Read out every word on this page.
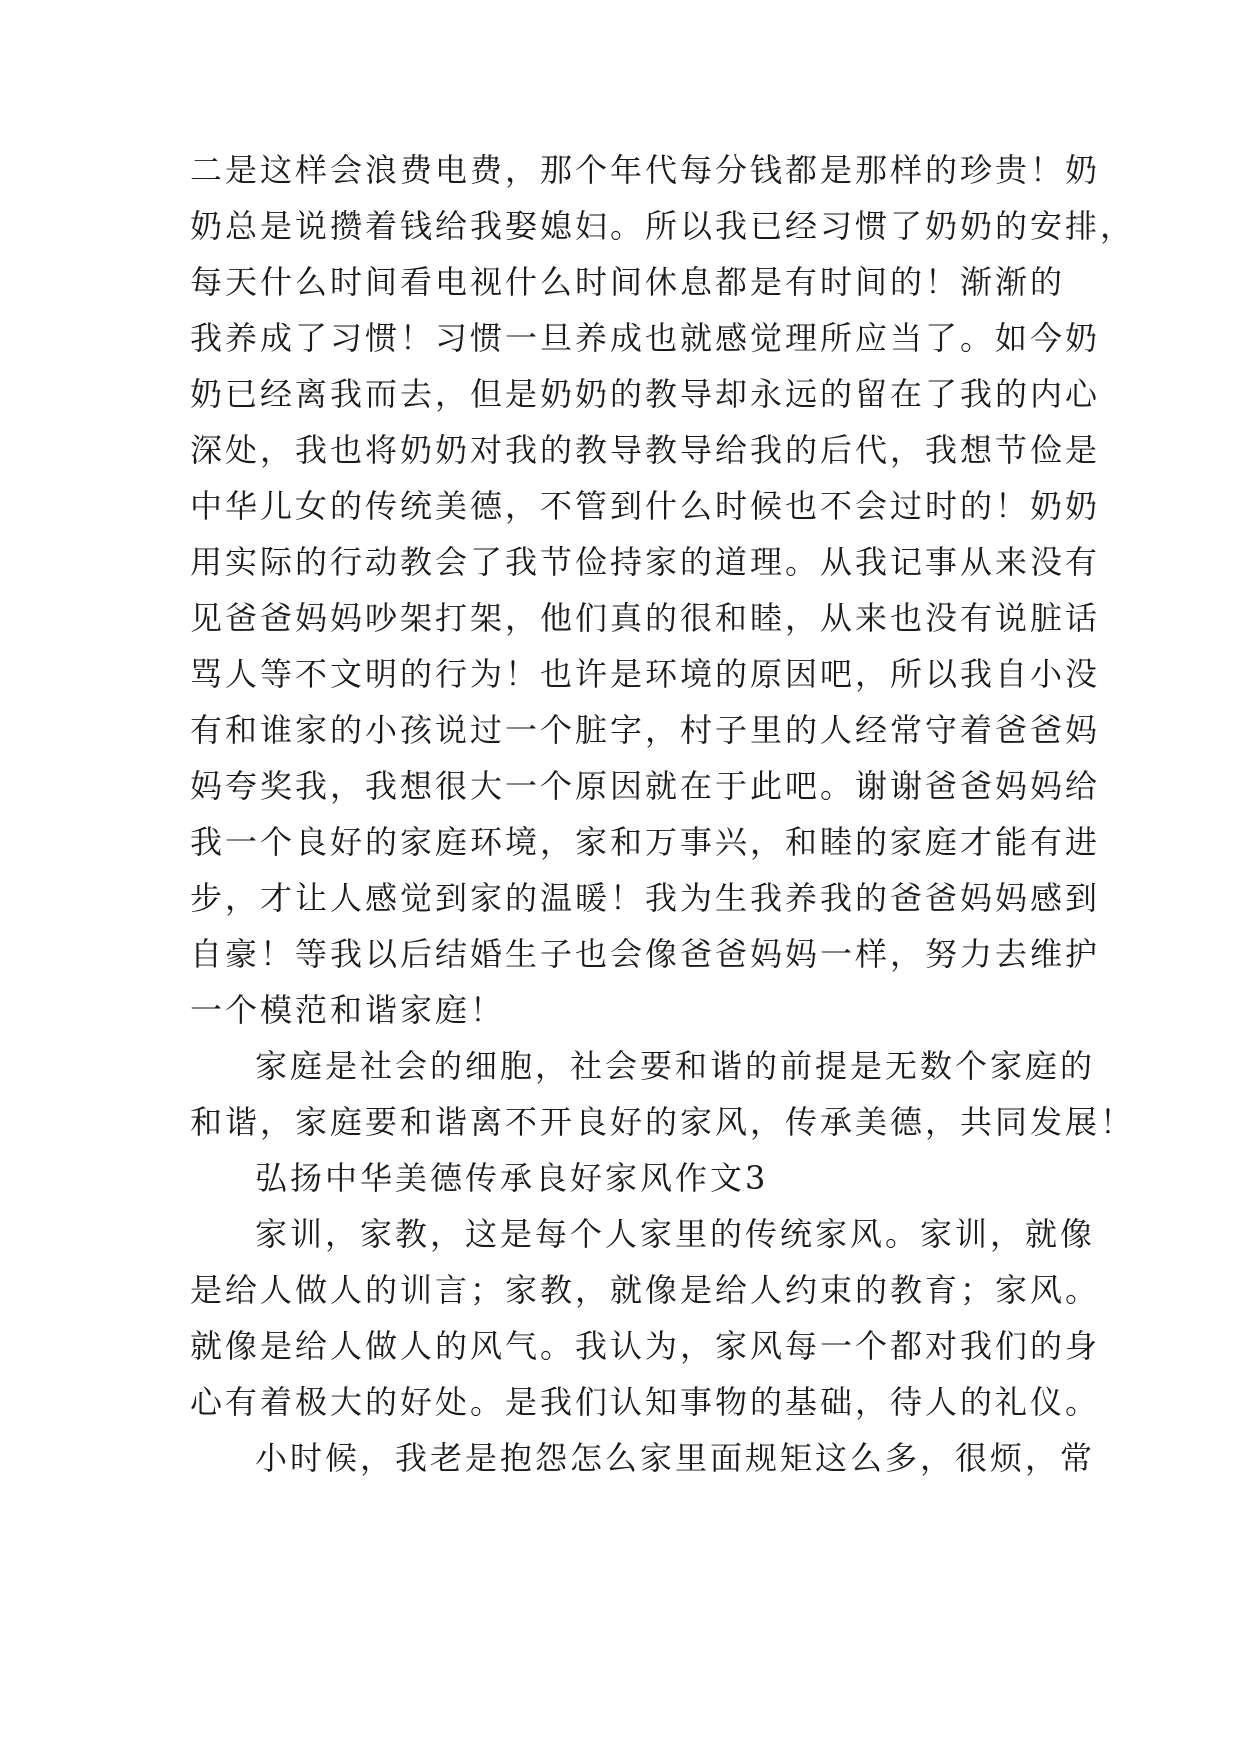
二是这样会浪费电费，那个年代每分钱都是那样的珍贵！奶
奶总是说攒着钱给我娶媳妇。所以我已经习惯了奶奶的安排，
每天什么时间看电视什么时间休息都是有时间的！渐渐的
我养成了习惯！习惯一旦养成也就感觉理所应当了。如今奶
奶已经离我而去，但是奶奶的教导却永远的留在了我的内心
深处，我也将奶奶对我的教导教导给我的后代，我想节俭是
中华儿女的传统美德，不管到什么时候也不会过时的！奶奶
用实际的行动教会了我节俭持家的道理。从我记事从来没有
见爸爸妈妈吵架打架，他们真的很和睦，从来也没有说脏话
骂人等不文明的行为！也许是环境的原因吧，所以我自小没
有和谁家的小孩说过一个脏字，村子里的人经常守着爸爸妈
妈夸奖我，我想很大一个原因就在于此吧。谢谢爸爸妈妈给
我一个良好的家庭环境，家和万事兴，和睦的家庭才能有进
步，才让人感觉到家的温暖！我为生我养我的爸爸妈妈感到
自豪！等我以后结婚生子也会像爸爸妈妈一样，努力去维护
一个模范和谐家庭！
家庭是社会的细胞，社会要和谐的前提是无数个家庭的
和谐，家庭要和谐离不开良好的家风，传承美德，共同发展！
弘扬中华美德传承良好家风作文3
家训，家教，这是每个人家里的传统家风。家训，就像
是给人做人的训言；家教，就像是给人约束的教育；家风。
就像是给人做人的风气。我认为，家风每一个都对我们的身
心有着极大的好处。是我们认知事物的基础，待人的礼仪。
小时候，我老是抱怨怎么家里面规矩这么多，很烦，常
